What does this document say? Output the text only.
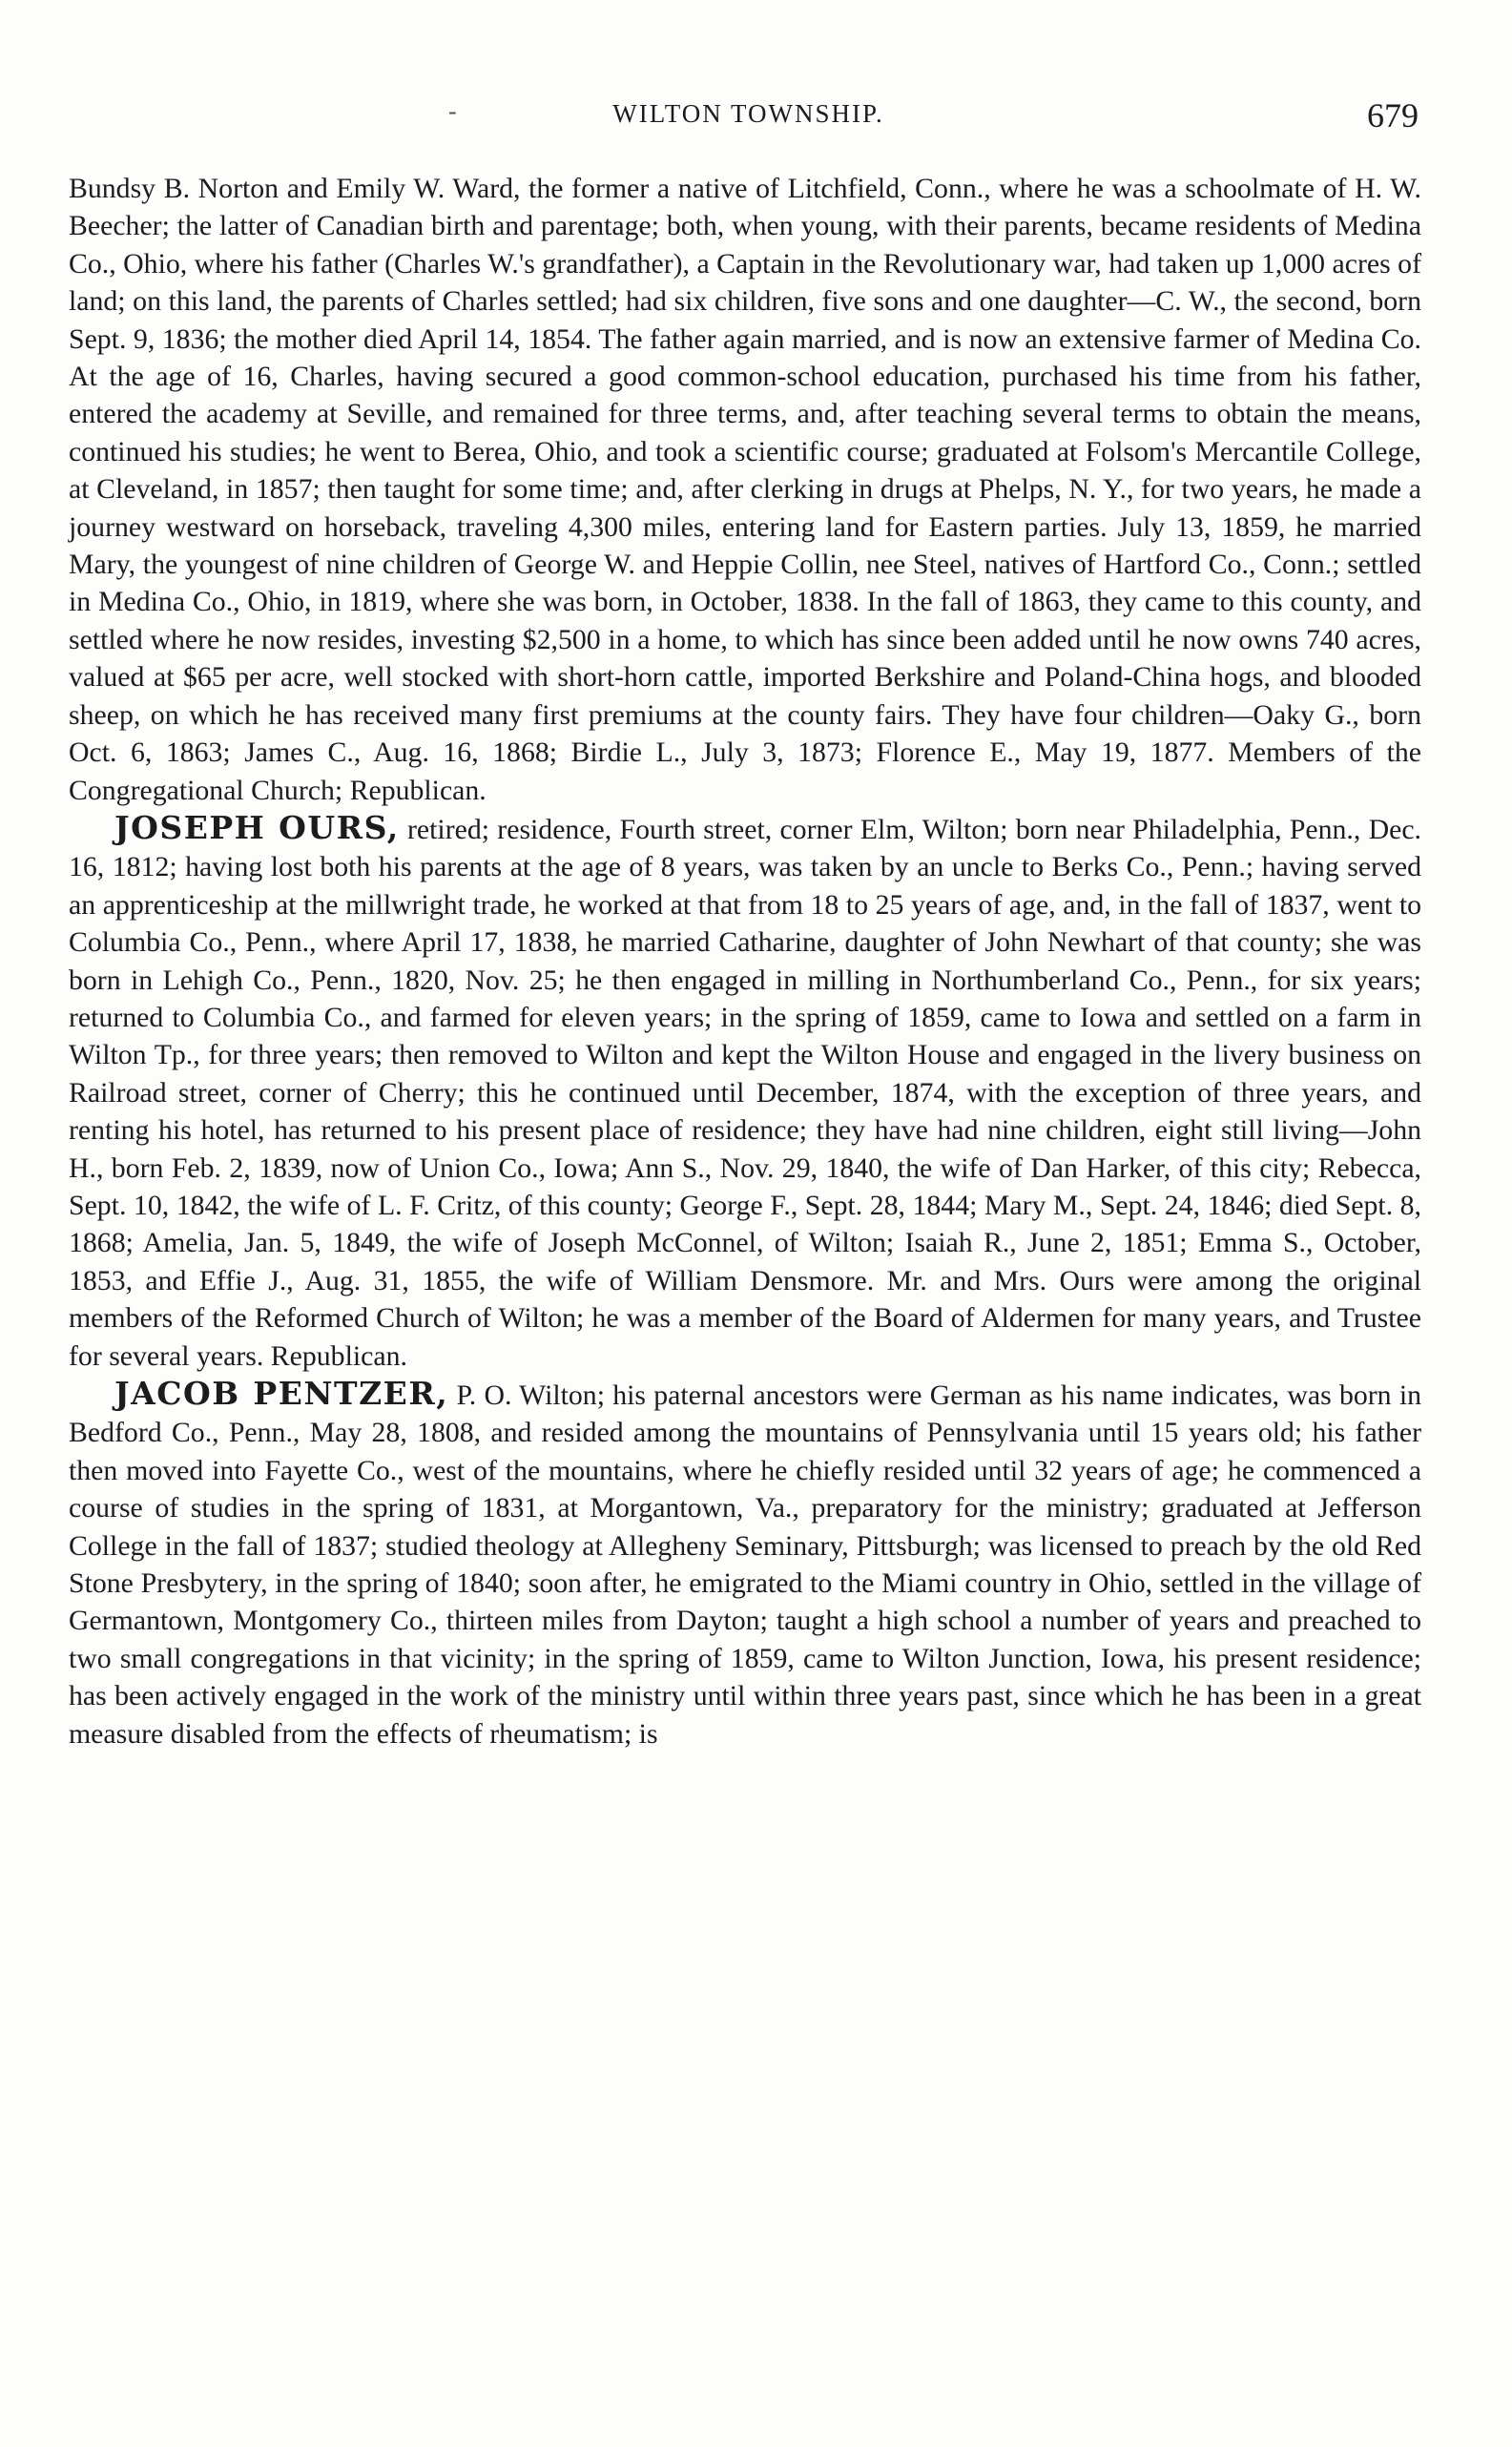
-	WILTON TOWNSHIP.	679

Bundsy B. Norton and Emily W. Ward, the former a native of Litchfield, Conn., where he was a schoolmate of H. W. Beecher; the latter of Canadian birth and parentage; both, when young, with their parents, became residents of Medina Co., Ohio, where his father (Charles W.'s grandfather), a Captain in the Revolutionary war, had taken up 1,000 acres of land; on this land, the parents of Charles settled; had six children, five sons and one daughter—C. W., the second, born Sept. 9, 1836; the mother died April 14, 1854. The father again married, and is now an extensive farmer of Medina Co. At the age of 16, Charles, having secured a good common-school education, purchased his time from his father, entered the academy at Seville, and remained for three terms, and, after teaching several terms to obtain the means, continued his studies; he went to Berea, Ohio, and took a scientific course; graduated at Folsom's Mercantile College, at Cleveland, in 1857; then taught for some time; and, after clerking in drugs at Phelps, N. Y., for two years, he made a journey westward on horseback, traveling 4,300 miles, entering land for Eastern parties. July 13, 1859, he married Mary, the youngest of nine children of George W. and Heppie Collin, nee Steel, natives of Hartford Co., Conn.; settled in Medina Co., Ohio, in 1819, where she was born, in October, 1838. In the fall of 1863, they came to this county, and settled where he now resides, investing $2,500 in a home, to which has since been added until he now owns 740 acres, valued at $65 per acre, well stocked with short-horn cattle, imported Berkshire and Poland-China hogs, and blooded sheep, on which he has received many first premiums at the county fairs. They have four children—Oaky G., born Oct. 6, 1863; James C., Aug. 16, 1868; Birdie L., July 3, 1873; Florence E., May 19, 1877. Members of the Congregational Church; Republican.

JOSEPH OURS, retired; residence, Fourth street, corner Elm, Wilton; born near Philadelphia, Penn., Dec. 16, 1812; having lost both his parents at the age of 8 years, was taken by an uncle to Berks Co., Penn.; having served an apprenticeship at the millwright trade, he worked at that from 18 to 25 years of age, and, in the fall of 1837, went to Columbia Co., Penn., where April 17, 1838, he married Catharine, daughter of John Newhart of that county; she was born in Lehigh Co., Penn., 1820, Nov. 25; he then engaged in milling in Northumberland Co., Penn., for six years; returned to Columbia Co., and farmed for eleven years; in the spring of 1859, came to Iowa and settled on a farm in Wilton Tp., for three years; then removed to Wilton and kept the Wilton House and engaged in the livery business on Railroad street, corner of Cherry; this he continued until December, 1874, with the exception of three years, and renting his hotel, has returned to his present place of residence; they have had nine children, eight still living—John H., born Feb. 2, 1839, now of Union Co., Iowa; Ann S., Nov. 29, 1840, the wife of Dan Harker, of this city; Rebecca, Sept. 10, 1842, the wife of L. F. Critz, of this county; George F., Sept. 28, 1844; Mary M., Sept. 24, 1846; died Sept. 8, 1868; Amelia, Jan. 5, 1849, the wife of Joseph McConnel, of Wilton; Isaiah R., June 2, 1851; Emma S., October, 1853, and Effie J., Aug. 31, 1855, the wife of William Densmore. Mr. and Mrs. Ours were among the original members of the Reformed Church of Wilton; he was a member of the Board of Aldermen for many years, and Trustee for several years. Republican.

JACOB PENTZER, P. O. Wilton; his paternal ancestors were German as his name indicates, was born in Bedford Co., Penn., May 28, 1808, and resided among the mountains of Pennsylvania until 15 years old; his father then moved into Fayette Co., west of the mountains, where he chiefly resided until 32 years of age; he commenced a course of studies in the spring of 1831, at Morgantown, Va., preparatory for the ministry; graduated at Jefferson College in the fall of 1837; studied theology at Allegheny Seminary, Pittsburgh; was licensed to preach by the old Red Stone Presbytery, in the spring of 1840; soon after, he emigrated to the Miami country in Ohio, settled in the village of Germantown, Montgomery Co., thirteen miles from Dayton; taught a high school a number of years and preached to two small congregations in that vicinity; in the spring of 1859, came to Wilton Junction, Iowa, his present residence; has been actively engaged in the work of the ministry until within three years past, since which he has been in a great measure disabled from the effects of rheumatism; is
